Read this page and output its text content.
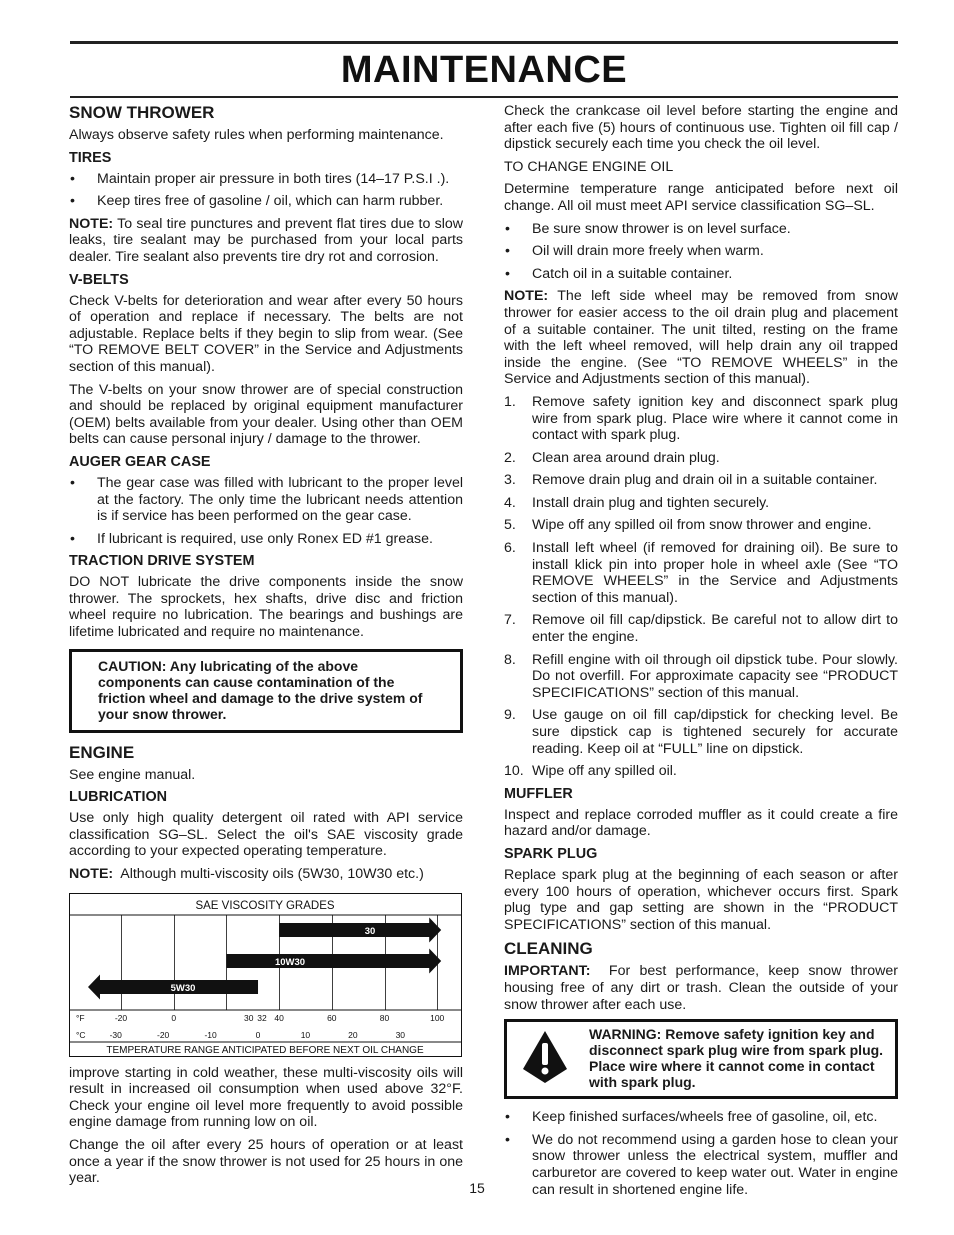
MAINTENANCE
SNOW THROWER

Always observe safety rules when performing maintenance.

TIRES
• Maintain proper air pressure in both tires (14–17 P.S.I .).
• Keep tires free of gasoline / oil, which can harm rubber.

NOTE: To seal tire punctures and prevent flat tires due to slow leaks, tire sealant may be purchased from your local parts dealer. Tire sealant also prevents tire dry rot and corrosion.

V-BELTS

Check V-belts for deterioration and wear after every 50 hours of operation and replace if necessary. The belts are not adjustable. Replace belts if they begin to slip from wear. (See “TO REMOVE BELT COVER” in the Service and Adjustments section of this manual).

The V-belts on your snow thrower are of special construction and should be replaced by original equipment manufacturer (OEM) belts available from your dealer. Using other than OEM belts can cause personal injury / damage to the thrower.

AUGER GEAR CASE
• The gear case was filled with lubricant to the proper level at the factory. The only time the lubricant needs attention is if service has been performed on the gear case.
• If lubricant is required, use only Ronex ED #1 grease.
TRACTION DRIVE SYSTEM

DO NOT lubricate the drive components inside the snow thrower. The sprockets, hex shafts, drive disc and friction wheel require no lubrication. The bearings and bushings are lifetime lubricated and require no maintenance.

CAUTION: Any lubricating of the above components can cause contamination of the friction wheel and damage to the drive system of your snow thrower.
ENGINE

See engine manual.

LUBRICATION

Use only high quality detergent oil rated with API service classification SG–SL. Select the oil's SAE viscosity grade according to your expected operating temperature.

NOTE: Although multi-viscosity oils (5W30, 10W30 etc.)

SAE VISCOSITY GRADES
30
10W30
5W30
°F	-20	0	30 32 40	60	80	100
°C	-30	-20	-10	0	10	20	30
TEMPERATURE RANGE ANTICIPATED BEFORE NEXT OIL CHANGE

improve starting in cold weather, these multi-viscosity oils will result in increased oil consumption when used above 32°F. Check your engine oil level more frequently to avoid possible engine damage from running low on oil.

Change the oil after every 25 hours of operation or at least once a year if the snow thrower is not used for 25 hours in one year.

Check the crankcase oil level before starting the engine and after each five (5) hours of continuous use. Tighten oil fill cap / dipstick securely each time you check the oil level.

TO CHANGE ENGINE OIL

Determine temperature range anticipated before next oil change. All oil must meet API service classification SG–SL.

• Be sure snow thrower is on level surface.
• Oil will drain more freely when warm.
• Catch oil in a suitable container.

NOTE: The left side wheel may be removed from snow thrower for easier access to the oil drain plug and placement of a suitable container. The unit tilted, resting on the frame with the left wheel removed, will help drain any oil trapped inside the engine. (See “TO REMOVE WHEELS” in the Service and Adjustments section of this manual).

1. Remove safety ignition key and disconnect spark plug wire from spark plug. Place wire where it cannot come in contact with spark plug.
2. Clean area around drain plug.
3. Remove drain plug and drain oil in a suitable container.
4. Install drain plug and tighten securely.
5. Wipe off any spilled oil from snow thrower and engine.
6. Install left wheel (if removed for draining oil). Be sure to install klick pin into proper hole in wheel axle (See “TO REMOVE WHEELS” in the Service and Adjustments section of this manual).
7. Remove oil fill cap/dipstick. Be careful not to allow dirt to enter the engine.
8. Refill engine with oil through oil dipstick tube. Pour slowly. Do not overfill. For approximate capacity see “PRODUCT SPECIFICATIONS” section of this manual.
9. Use gauge on oil fill cap/dipstick for checking level. Be sure dipstick cap is tightened securely for accurate reading. Keep oil at “FULL” line on dipstick.
10. Wipe off any spilled oil.
MUFFLER

Inspect and replace corroded muffler as it could create a fire hazard and/or damage.

SPARK PLUG

Replace spark plug at the beginning of each season or after every 100 hours of operation, whichever occurs first. Spark plug type and gap setting are shown in the “PRODUCT SPECIFICATIONS” section of this manual.

CLEANING

IMPORTANT: For best performance, keep snow thrower housing free of any dirt or trash. Clean the outside of your snow thrower after each use.

WARNING: Remove safety ignition key and disconnect spark plug wire from spark plug. Place wire where it cannot come in contact with spark plug.
• Keep finished surfaces/wheels free of gasoline, oil, etc.
• We do not recommend using a garden hose to clean your snow thrower unless the electrical system, muffler and carburetor are covered to keep water out. Water in engine can result in shortened engine life.
15
